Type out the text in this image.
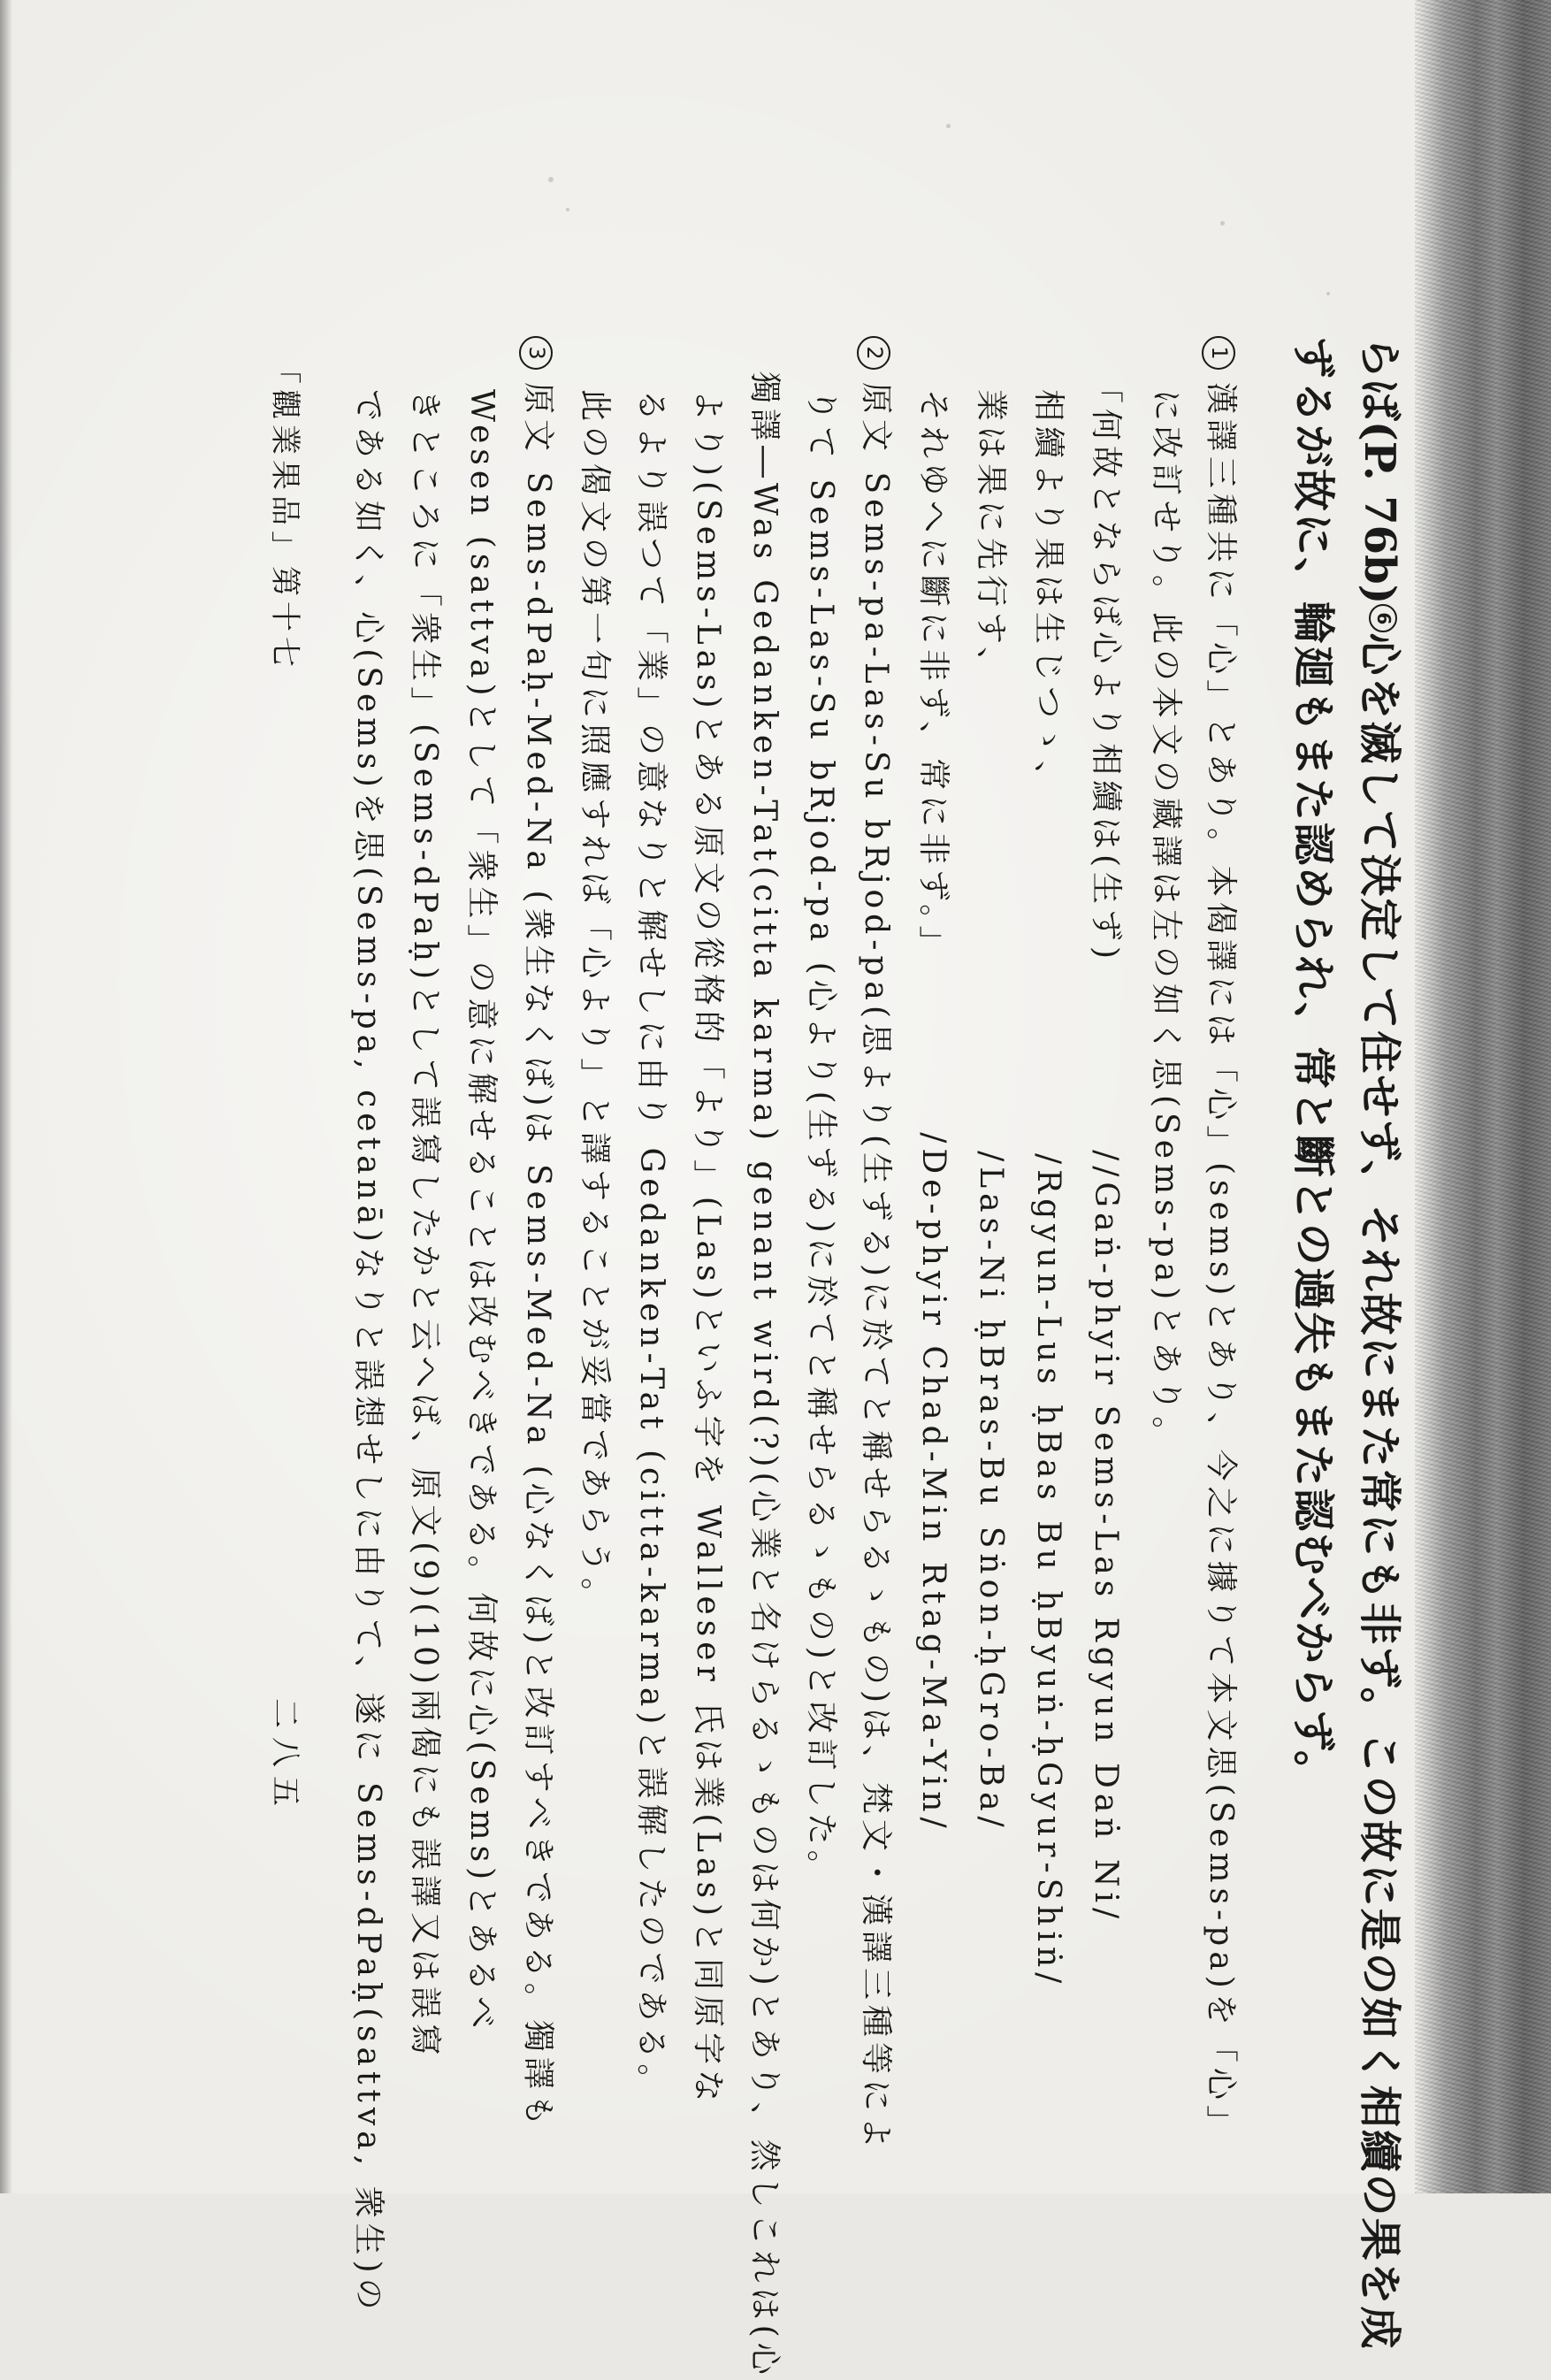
らば(P. 76b)6心を滅して決定して住せず、それ故にまた常にも非ず。この故に是の如く相續の果を成
ずるが故に、輪廻もまた認められ、常と斷との過失もまた認むべからず。
1漢譯三種共に「心」とあり。本偈譯には「心」(sems)とあり、今之に據りて本文思(Sems-pa)を「心」
に改訂せり。此の本文の藏譯は左の如く思(Sems-pa)とあり。
「何故とならば心より相續は(生ず)　　　　　//Gaṅ-phyir Sems-Las Rgyun Daṅ Ni/
相續より果は生じつゝ、　　　　　　　　　　/Rgyun-Lus ḥBas Bu ḥByuṅ-ḥGyur-Shiṅ/
業は果に先行す、　　　　　　　　　　　　　/Las-Ni ḥBras-Bu Sṅon-ḥGro-Ba/
それゆへに斷に非ず、常に非ず。」　　　　　/De-phyir Chad-Min Rtag-Ma-Yin/
2原文 Sems-pa-Las-Su bRjod-pa(思より(生ずる)に於てと稱せらるゝもの)は、梵文・漢譯三種等によ
りて Sems-Las-Su bRjod-pa (心より(生ずる)に於てと稱せらるゝもの)と改訂した。
獨譯―Was Gedanken-Tat(citta karma) genant wird(?)(心業と名けらるゝものは何か)とあり、然しこれは(心
より)(Sems-Las)とある原文の從格的「より」(Las)といふ字を Walleser 氏は業(Las)と同原字な
るより誤つて「業」の意なりと解せしに由り Gedanken-Tat (citta-karma)と誤解したのである。
此の偈文の第一句に照應すれば「心より」と譯することが妥當であらう。
3原文 Sems-dPaḥ-Med-Na (衆生なくば)は Sems-Med-Na (心なくば)と改訂すべきである。獨譯も
Wesen (sattva)として「衆生」の意に解せることは改むべきである。何故に心(Sems)とあるべ
きところに「衆生」(Sems-dPaḥ)として誤寫したかと云へば、原文(9)(10)兩偈にも誤譯又は誤寫
である如く、心(Sems)を思(Sems-pa, cetanā)なりと誤想せしに由りて、遂に Sems-dPaḥ(sattva, 衆生)の
「觀業果品」第十七
二八五
